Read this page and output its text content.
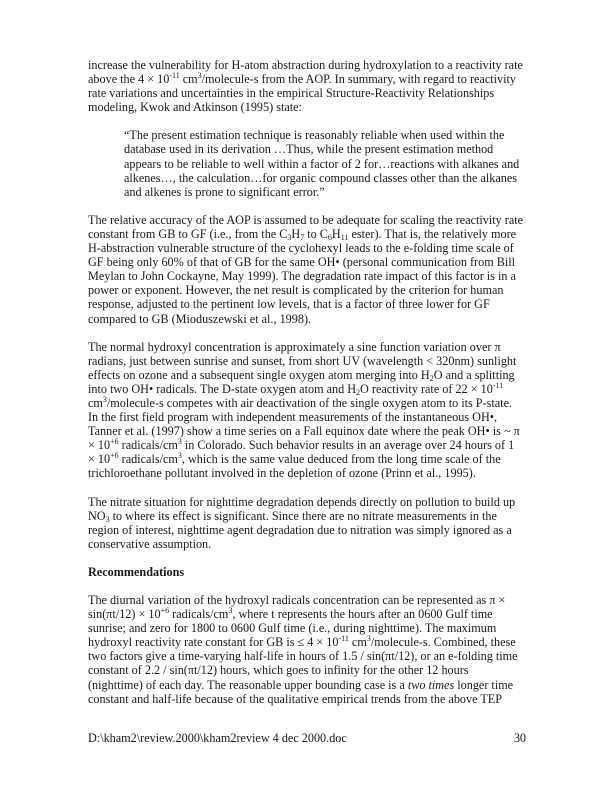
increase the vulnerability for H-atom abstraction during hydroxylation to a reactivity rate
above the $4 \times 10^{-11}$ $cm^3/molecule-s$ from the AOP. In summary, with regard to reactivity
rate variations and uncertainties in the empirical Structure-Reactivity Relationships
modeling, Kwok and Atkinson (1995) state:
“The present estimation technique is reasonably reliable when used within the
database used in its derivation …Thus, while the present estimation method
appears to be reliable to well within a factor of 2 for…reactions with alkanes and
alkenes…, the calculation…for organic compound classes other than the alkanes
and alkenes is prone to significant error.”
The relative accuracy of the AOP is assumed to be adequate for scaling the reactivity rate
constant from GB to GF (i.e., from the $C_3H_7$ to $C_6H_{11}$ ester). That is, the relatively more
H-abstraction vulnerable structure of the cyclohexyl leads to the e-folding time scale of
GF being only 60% of that of GB for the same OH• (personal communication from Bill
Meylan to John Cockayne, May 1999). The degradation rate impact of this factor is in a
power or exponent. However, the net result is complicated by the criterion for human
response, adjusted to the pertinent low levels, that is a factor of three lower for GF
compared to GB (Mioduszewski et al., 1998).
The normal hydroxyl concentration is approximately a sine function variation over π
radians, just between sunrise and sunset, from short UV (wavelength < 320nm) sunlight
effects on ozone and a subsequent single oxygen atom merging into $H_2O$ and a splitting
into two OH• radicals. The D-state oxygen atom and $H_2O$ reactivity rate of $22 \times 10^{-11}$
$cm^3/molecule-s$ competes with air deactivation of the single oxygen atom to its P-state.
In the first field program with independent measurements of the instantaneous OH•,
Tanner et al. (1997) show a time series on a Fall equinox date where the peak OH• is ~ π
× $10^{+6}$ radicals/$cm^3$ in Colorado. Such behavior results in an average over 24 hours of 1
× $10^{+6}$ radicals/$cm^3$, which is the same value deduced from the long time scale of the
trichloroethane pollutant involved in the depletion of ozone (Prinn et al., 1995).
The nitrate situation for nighttime degradation depends directly on pollution to build up
$NO_3$ to where its effect is significant. Since there are no nitrate measurements in the
region of interest, nighttime agent degradation due to nitration was simply ignored as a
conservative assumption.
Recommendations
The diurnal variation of the hydroxyl radicals concentration can be represented as π ×
$\sin(\pi t/12) \times 10^{+6}$ radicals/$cm^3$, where t represents the hours after an 0600 Gulf time
sunrise; and zero for 1800 to 0600 Gulf time (i.e., during nighttime). The maximum
hydroxyl reactivity rate constant for GB is ≤ $4 \times 10^{-11}$ $cm^3/molecule-s$. Combined, these
two factors give a time-varying half-life in hours of 1.5 / sin(πt/12), or an e-folding time
constant of 2.2 / sin(πt/12) hours, which goes to infinity for the other 12 hours
(nighttime) of each day. The reasonable upper bounding case is a two times longer time
constant and half-life because of the qualitative empirical trends from the above TEP
D:\kham2\review.2000\kham2review 4 dec 2000.doc	30
